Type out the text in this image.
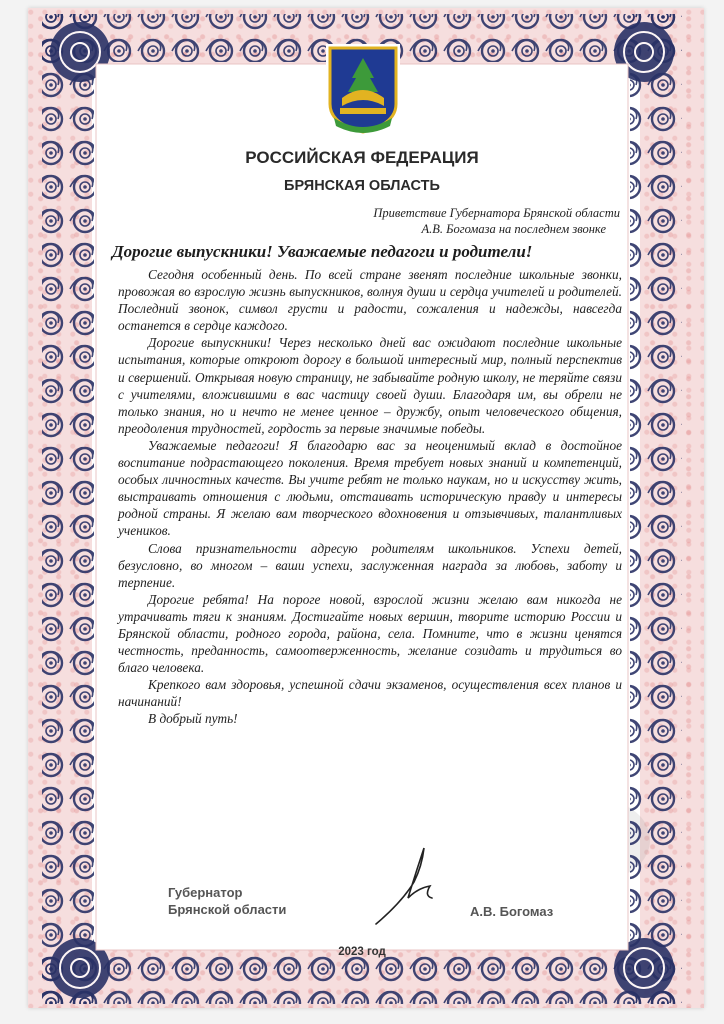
РОССИЙСКАЯ ФЕДЕРАЦИЯ
БРЯНСКАЯ ОБЛАСТЬ
Приветствие Губернатора Брянской области
А.В. Богомаза на последнем звонке
Дорогие выпускники! Уважаемые педагоги и родители!

Сегодня особенный день. По всей стране звенят последние школьные звонки, провожая во взрослую жизнь выпускников, волнуя души и сердца учителей и родителей. Последний звонок, символ грусти и радости, сожаления и надежды, навсегда останется в сердце каждого.

Дорогие выпускники! Через несколько дней вас ожидают последние школьные испытания, которые откроют дорогу в большой интересный мир, полный перспектив и свершений. Открывая новую страницу, не забывайте родную школу, не теряйте связи с учителями, вложившими в вас частицу своей души. Благодаря им, вы обрели не только знания, но и нечто не менее ценное – дружбу, опыт человеческого общения, преодоления трудностей, гордость за первые значимые победы.

Уважаемые педагоги! Я благодарю вас за неоценимый вклад в достойное воспитание подрастающего поколения. Время требует новых знаний и компетенций, особых личностных качеств. Вы учите ребят не только наукам, но и искусству жить, выстраивать отношения с людьми, отстаивать историческую правду и интересы родной страны. Я желаю вам творческого вдохновения и отзывчивых, талантливых учеников.

Слова признательности адресую родителям школьников. Успехи детей, безусловно, во многом – ваши успехи, заслуженная награда за любовь, заботу и терпение.

Дорогие ребята! На пороге новой, взрослой жизни желаю вам никогда не утрачивать тяги к знаниям. Достигайте новых вершин, творите историю России и Брянской области, родного города, района, села. Помните, что в жизни ценятся честность, преданность, самоотверженность, желание созидать и трудиться во благо человека.

Крепкого вам здоровья, успешной сдачи экзаменов, осуществления всех планов и начинаний!

В добрый путь!

Губернатор
Брянской области	А.В. Богомаз
2023 год
